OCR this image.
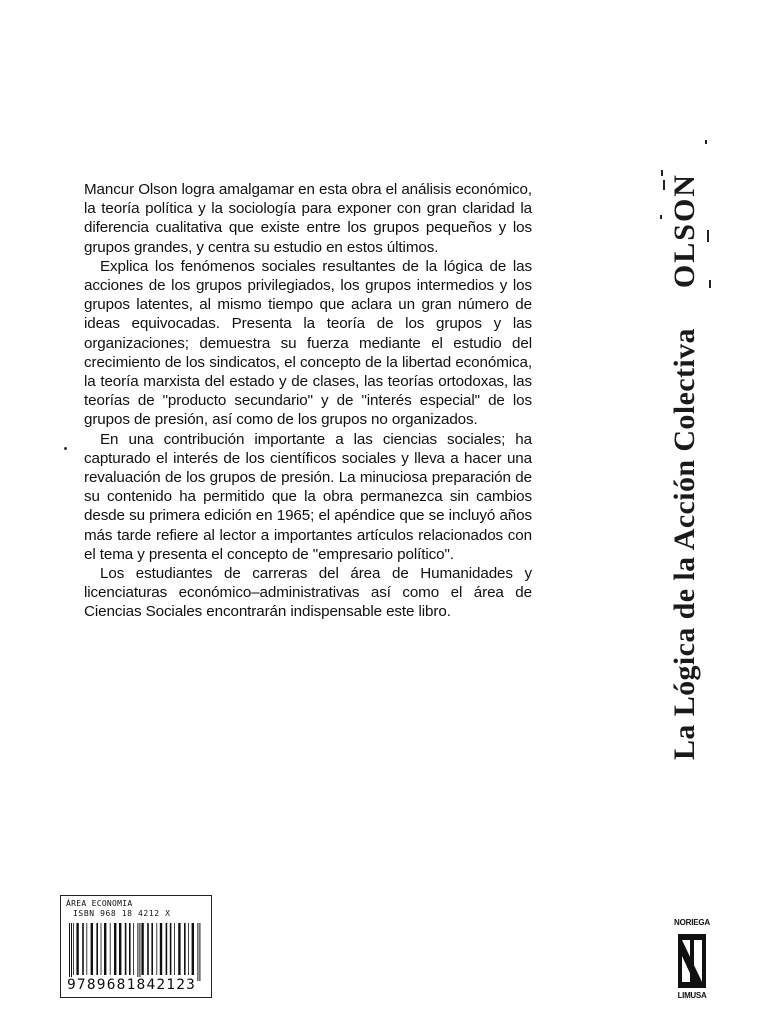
Mancur Olson logra amalgamar en esta obra el análisis económico, la teoría política y la sociología para exponer con gran claridad la diferencia cualitativa que existe entre los grupos pequeños y los grupos grandes, y centra su estudio en estos últimos.

Explica los fenómenos sociales resultantes de la lógica de las acciones de los grupos privilegiados, los grupos intermedios y los grupos latentes, al mismo tiempo que aclara un gran número de ideas equivocadas. Presenta la teoría de los grupos y las organizaciones; demuestra su fuerza mediante el estudio del crecimiento de los sindicatos, el concepto de la libertad económica, la teoría marxista del estado y de clases, las teorías ortodoxas, las teorías de "producto secundario" y de "interés especial" de los grupos de presión, así como de los grupos no organizados.

En una contribución importante a las ciencias sociales; ha capturado el interés de los científicos sociales y lleva a hacer una revaluación de los grupos de presión. La minuciosa preparación de su contenido ha permitido que la obra permanezca sin cambios desde su primera edición en 1965; el apéndice que se incluyó años más tarde refiere al lector a importantes artículos relacionados con el tema y presenta el concepto de "empresario político".

Los estudiantes de carreras del área de Humanidades y licenciaturas económico–administrativas así como el área de Ciencias Sociales encontrarán indispensable este libro.	La Lógica de la Acción ColectivaOLSON
ÁREA ECONOMIA
ISBN 968 18 4212 X
9789681842123
NORIEGA
LIMUSA
